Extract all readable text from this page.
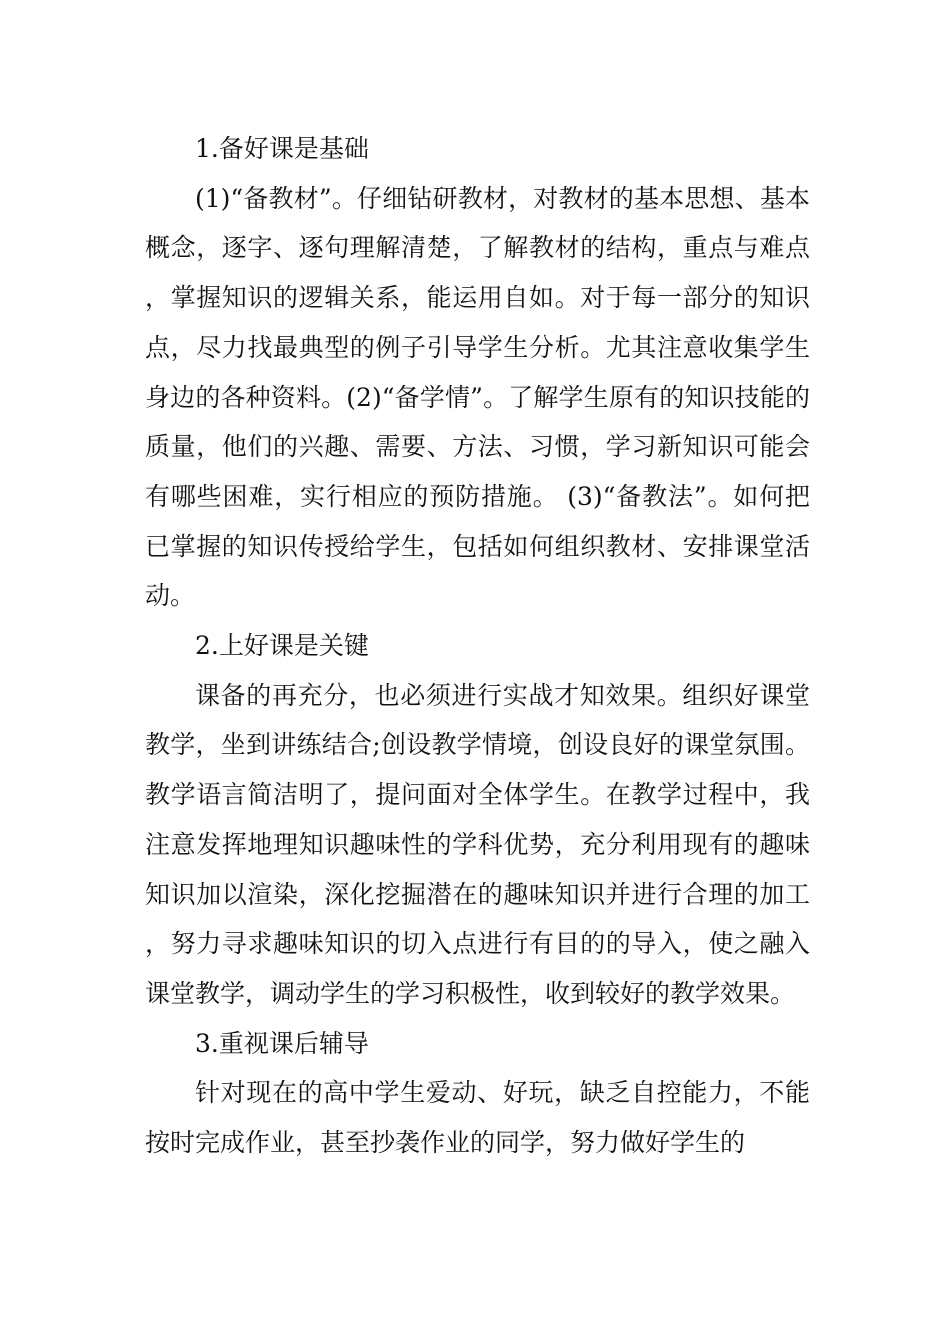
1.备好课是基础

(1)“备教材”。仔细钻研教材，对教材的基本思想、基本概念，逐字、逐句理解清楚，了解教材的结构，重点与难点，掌握知识的逻辑关系，能运用自如。对于每一部分的知识点，尽力找最典型的例子引导学生分析。尤其注意收集学生身边的各种资料。(2)“备学情”。了解学生原有的知识技能的质量，他们的兴趣、需要、方法、习惯，学习新知识可能会有哪些困难，实行相应的预防措施。 (3)“备教法”。如何把已掌握的知识传授给学生，包括如何组织教材、安排课堂活动。

2.上好课是关键

课备的再充分，也必须进行实战才知效果。组织好课堂教学，坐到讲练结合;创设教学情境，创设良好的课堂氛围。教学语言简洁明了，提问面对全体学生。在教学过程中，我注意发挥地理知识趣味性的学科优势，充分利用现有的趣味知识加以渲染，深化挖掘潜在的趣味知识并进行合理的加工，努力寻求趣味知识的切入点进行有目的的导入，使之融入课堂教学，调动学生的学习积极性，收到较好的教学效果。

3.重视课后辅导

针对现在的高中学生爱动、好玩，缺乏自控能力，不能按时完成作业，甚至抄袭作业的同学，努力做好学生的
